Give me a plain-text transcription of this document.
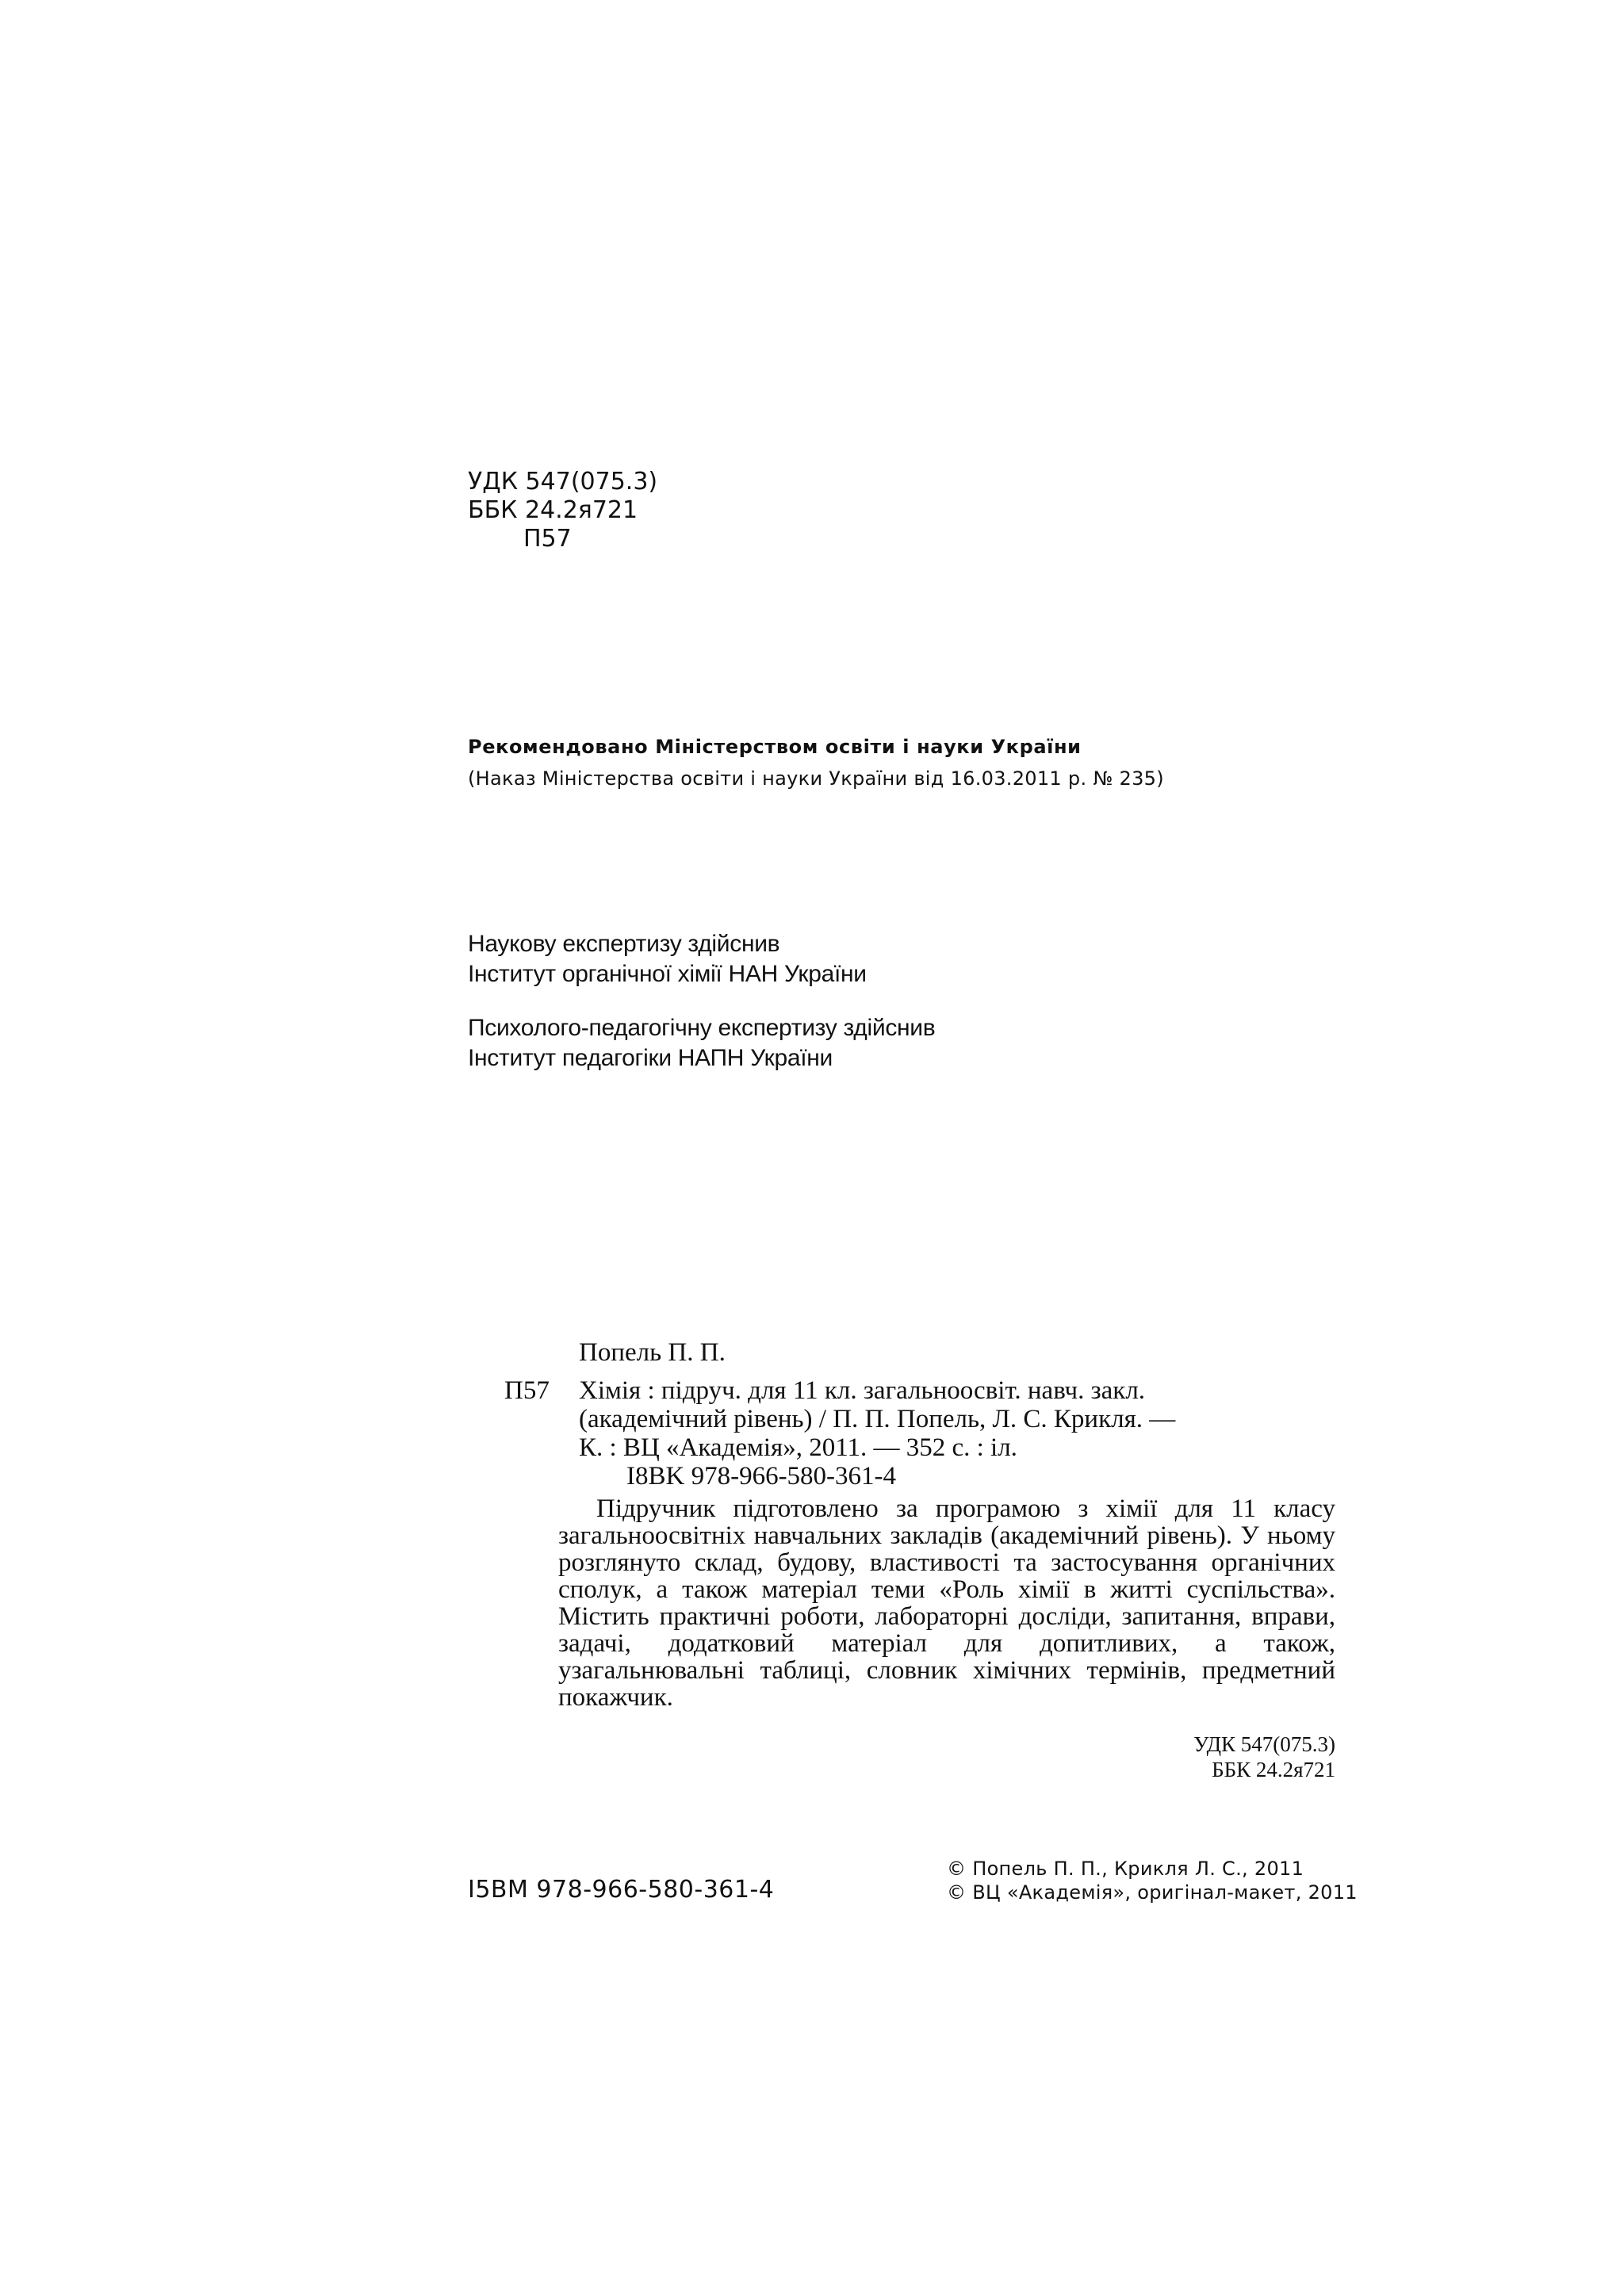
УДК 547(075.3)
ББК 24.2я721
П57
Рекомендовано Міністерством освіти і науки України
(Наказ Міністерства освіти і науки України від 16.03.2011 р. № 235)
Наукову експертизу здійснив
Інститут органічної хімії НАН України
Психолого-педагогічну експертизу здійснив
Інститут педагогіки НАПН України
Попель П. П.
П57 Хімія : підруч. для 11 кл. загальноосвіт. навч. закл.
(академічний рівень) / П. П. Попель, Л. С. Крикля. —
К. : ВЦ «Академія», 2011. — 352 с. : іл.
I8BK 978-966-580-361-4
Підручник підготовлено за програмою з хімії для 11 класу загальноосвітніх навчальних закладів (академічний рівень). У ньому розглянуто склад, будову, властивості та застосування органічних сполук, а також матеріал теми «Роль хімії в житті суспільства». Містить практичні роботи, лабораторні досліди, запитання, вправи, задачі, додатковий матеріал для допитливих, а також, узагальнювальні таблиці, словник хімічних термінів, предметний покажчик.
УДК 547(075.3)
ББК 24.2я721
I5BM 978-966-580-361-4
© Попель П. П., Крикля Л. С., 2011
© ВЦ «Академія», оригінал-макет, 2011
